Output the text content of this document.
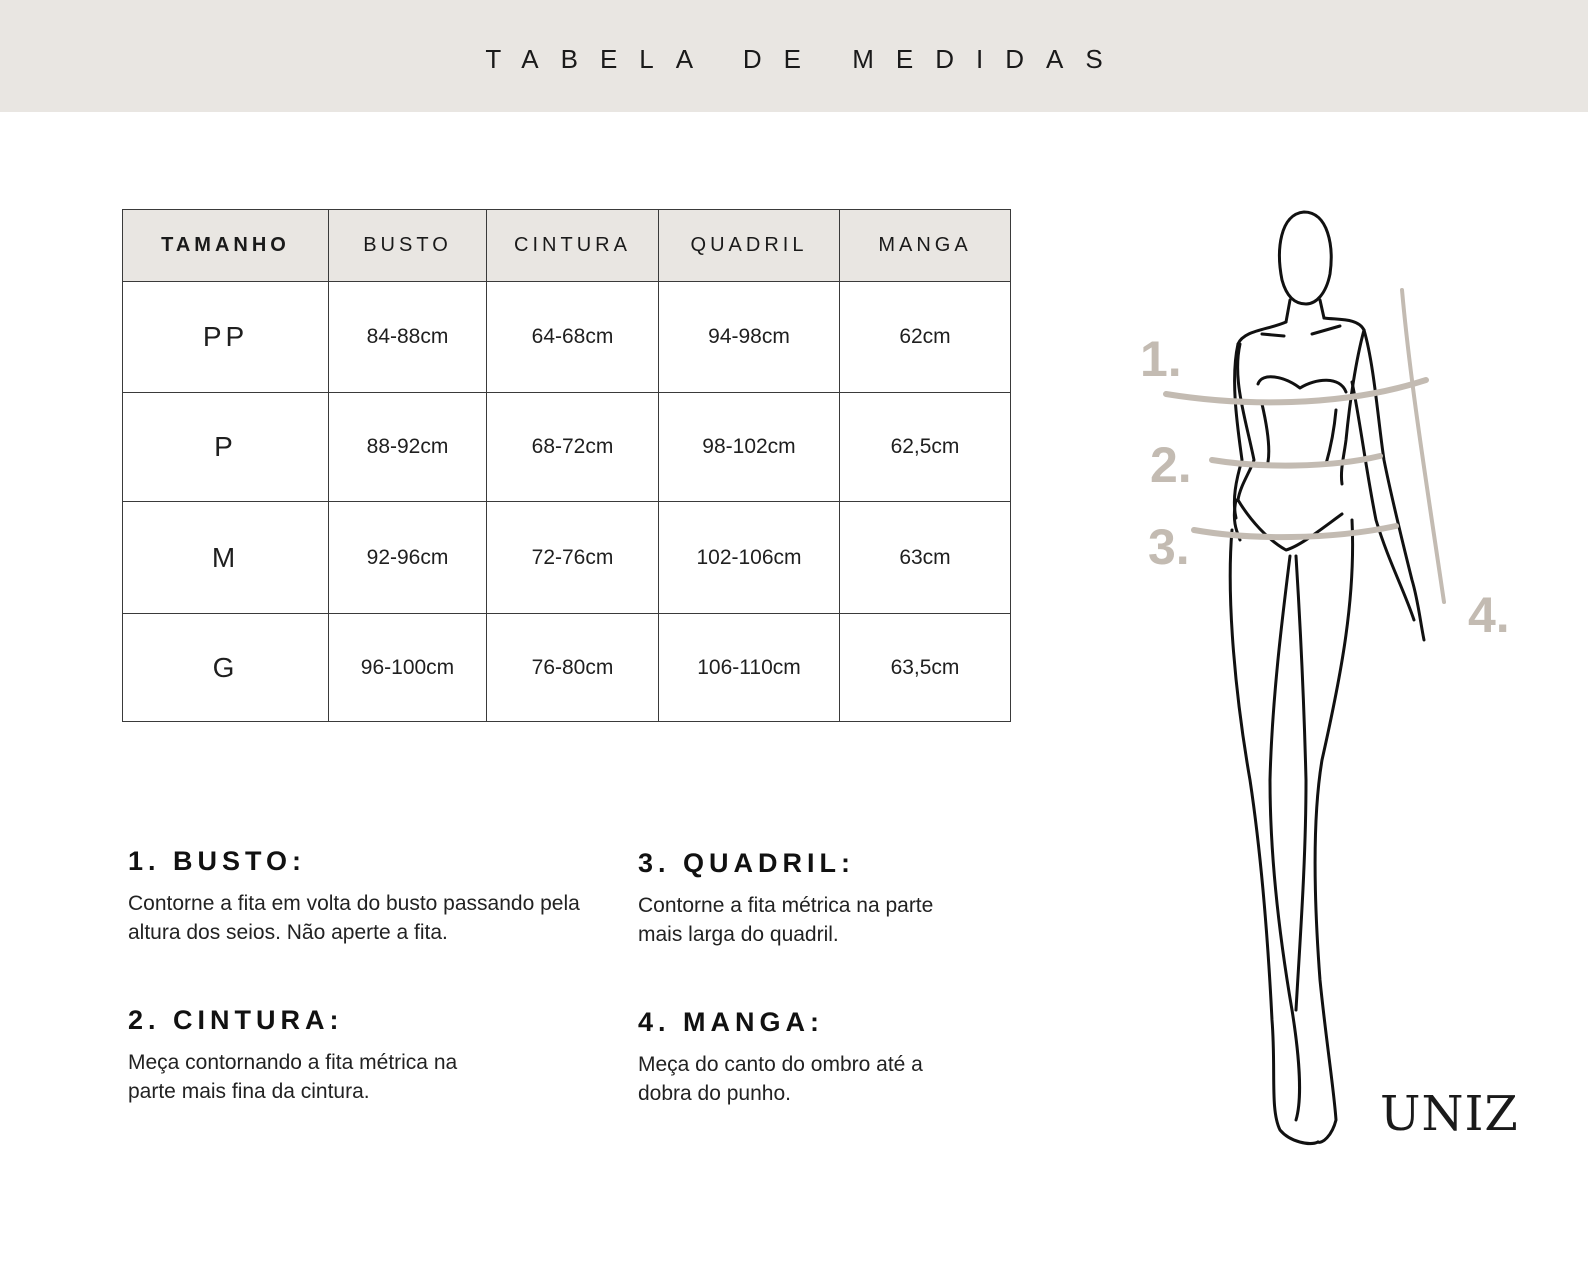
TABELA DE MEDIDAS
TAMANHO	BUSTO	CINTURA	QUADRIL	MANGA
PP	84-88cm	64-68cm	94-98cm	62cm
P	88-92cm	68-72cm	98-102cm	62,5cm
M	92-96cm	72-76cm	102-106cm	63cm
G	96-100cm	76-80cm	106-110cm	63,5cm
1. BUSTO:

Contorne a fita em volta do busto passando pela altura dos seios. Não aperte a fita.

2. CINTURA:

Meça contornando a fita métrica na parte mais fina da cintura.

3. QUADRIL:

Contorne a fita métrica na parte mais larga do quadril.

4. MANGA:

Meça do canto do ombro até a dobra do punho.

1.
2.
3.
4.
UNIZ
